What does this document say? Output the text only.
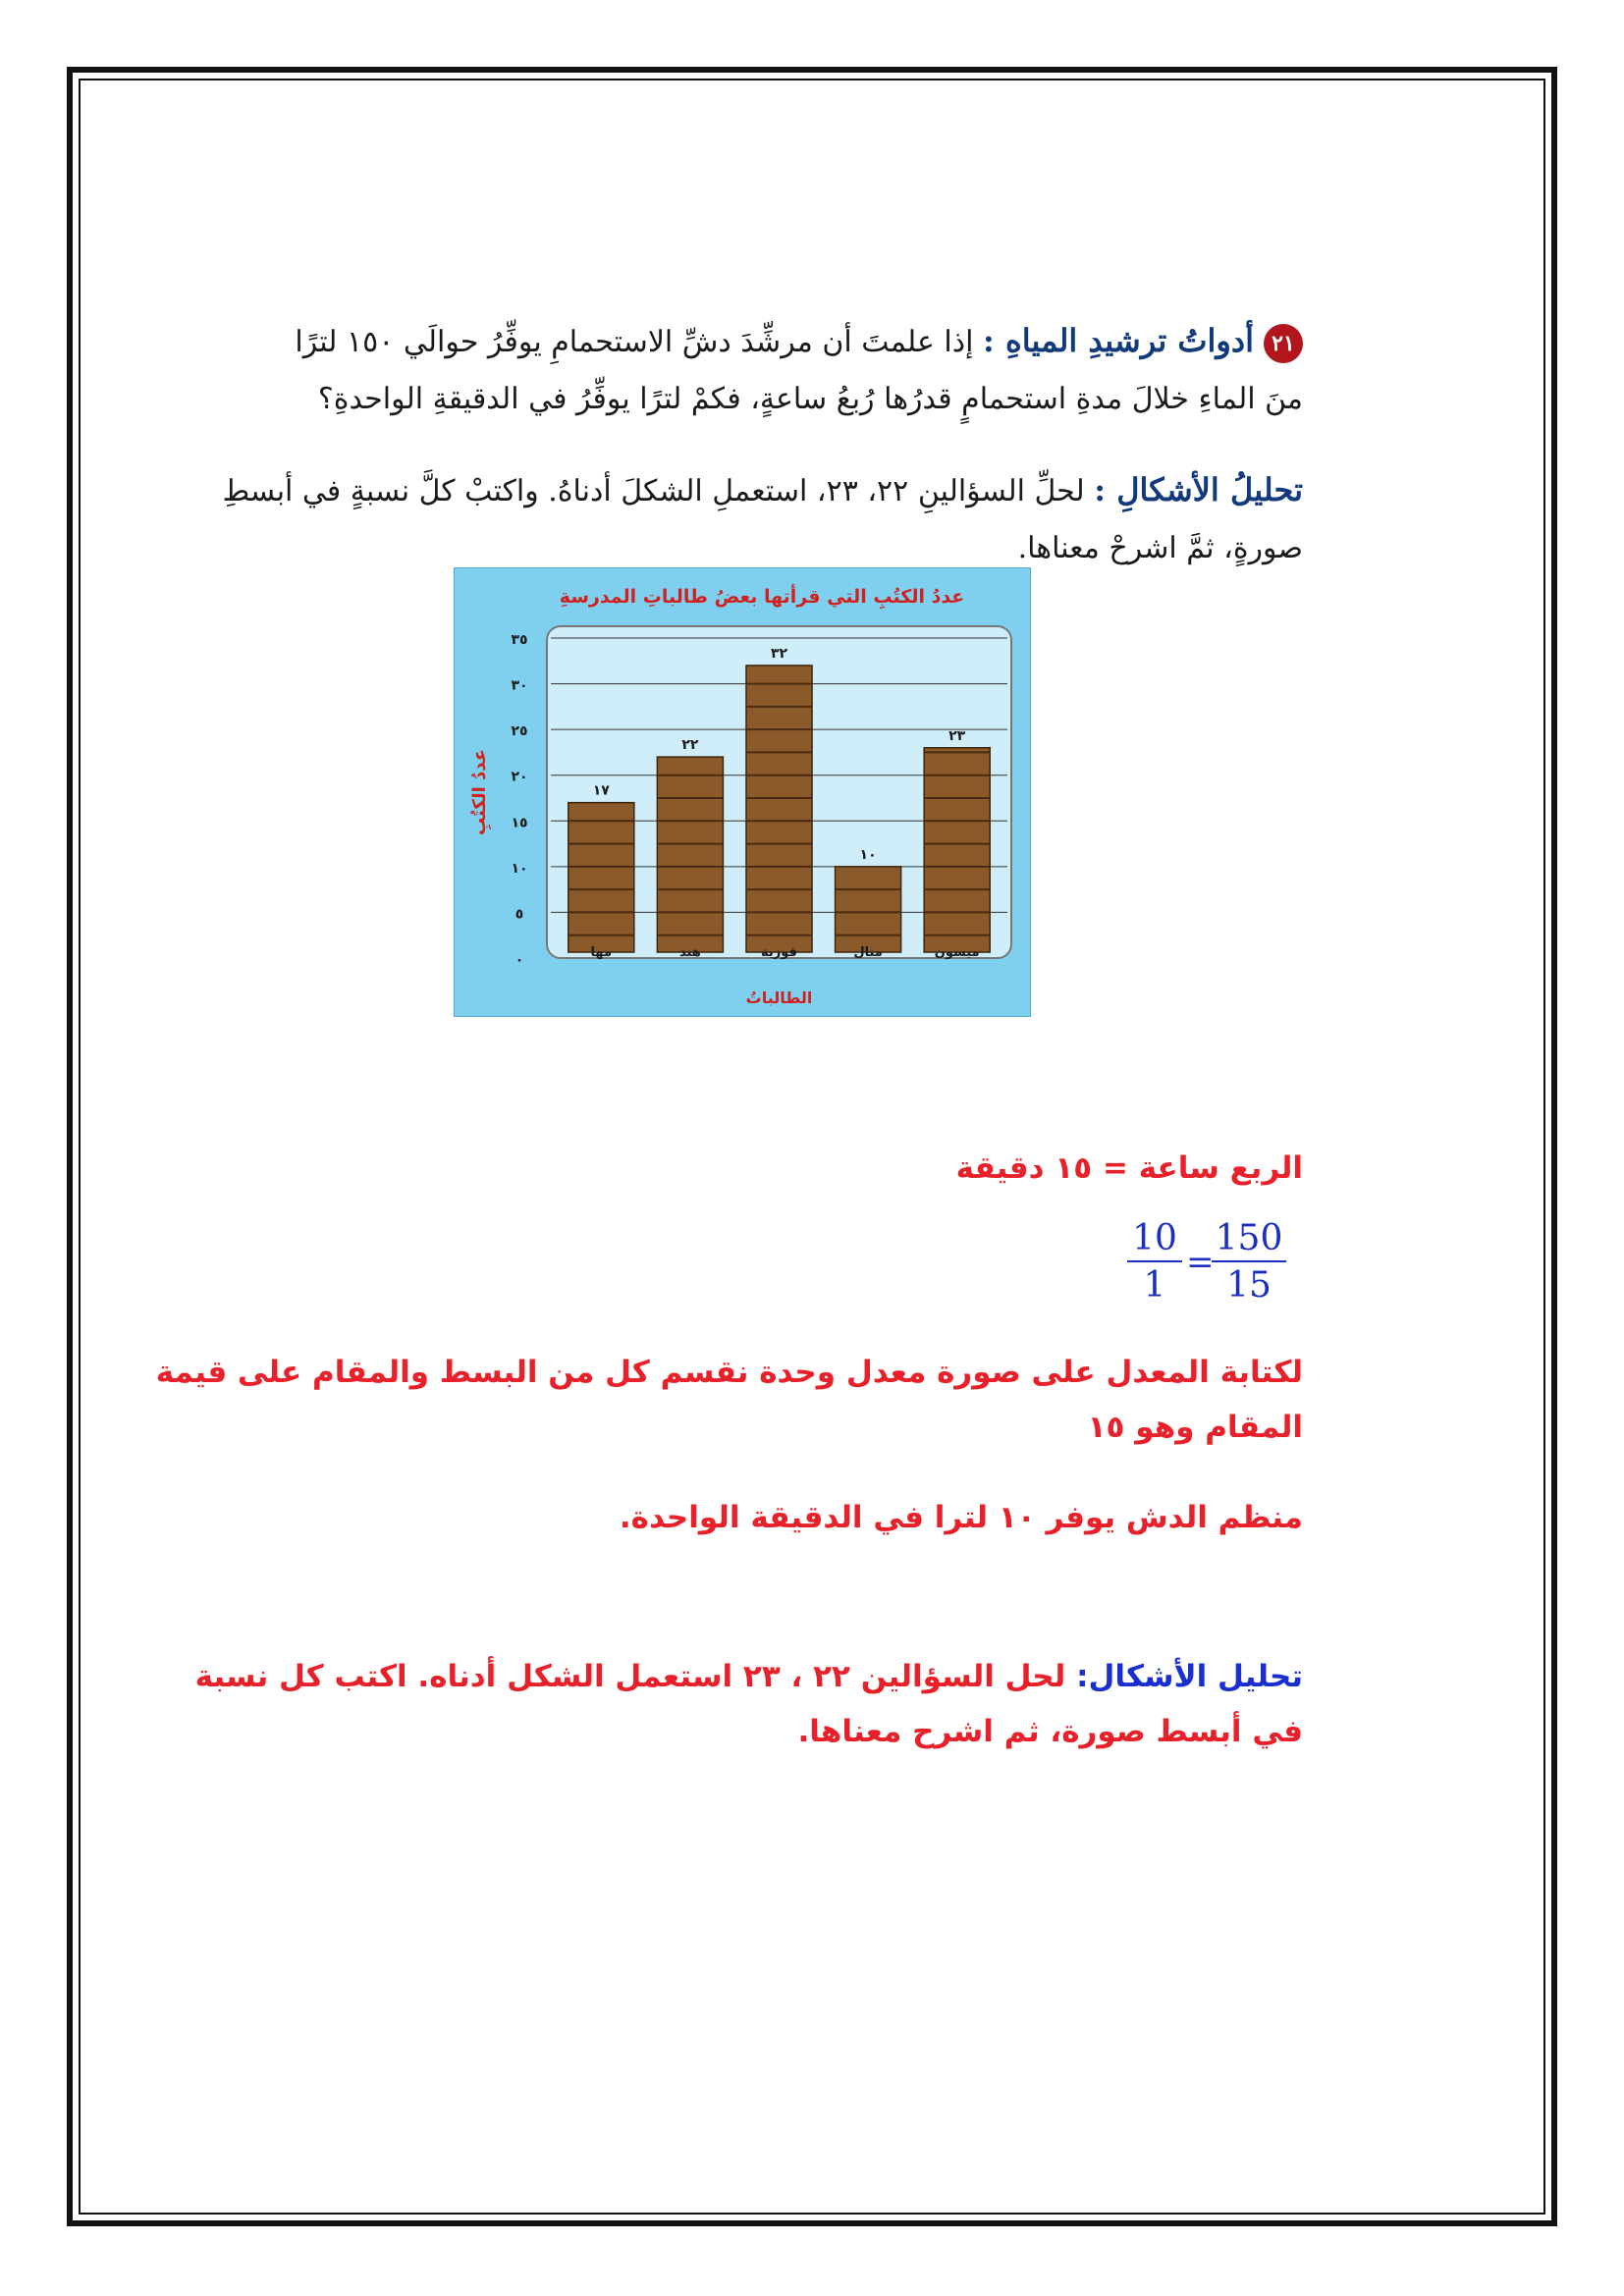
٢١أدواتُ ترشيدِ المياهِ : إذا علمتَ أن مرشِّدَ دشِّ الاستحمامِ يوفِّرُ حوالَي ١٥٠ لترًا
منَ الماءِ خلالَ مدةِ استحمامٍ قدرُها رُبعُ ساعةٍ، فكمْ لترًا يوفِّرُ في الدقيقةِ الواحدةِ؟
تحليلُ الأشكالِ : لحلِّ السؤالينِ ٢٢، ٢٣، استعملِ الشكلَ أدناهُ. واكتبْ كلَّ نسبةٍ في أبسطِ
صورةٍ، ثمَّ اشرحْ معناها.
عددُ الكتُبِ التي قرأتها بعضُ طالباتِ المدرسةِ
٠
٥
١٠
١٥
٢٠
٢٥
٣٠
٣٥
عددُ الكتُبِ
الطالباتُ
١٧
مها
٢٢
هند
٣٢
فوزية
١٠
منال
٢٣
ميسون
الربع ساعة = ١٥ دقيقة
$\frac{10}{1}$ =
$\frac{150}{15}$
لكتابة المعدل على صورة معدل وحدة نقسم كل من البسط والمقام على قيمة المقام وهو ١٥
منظم الدش يوفر ١٠ لترا في الدقيقة الواحدة.
تحليل الأشكال: لحل السؤالين ٢٢ ، ٢٣ استعمل الشكل أدناه. اكتب كل نسبة في أبسط صورة، ثم اشرح معناها.
